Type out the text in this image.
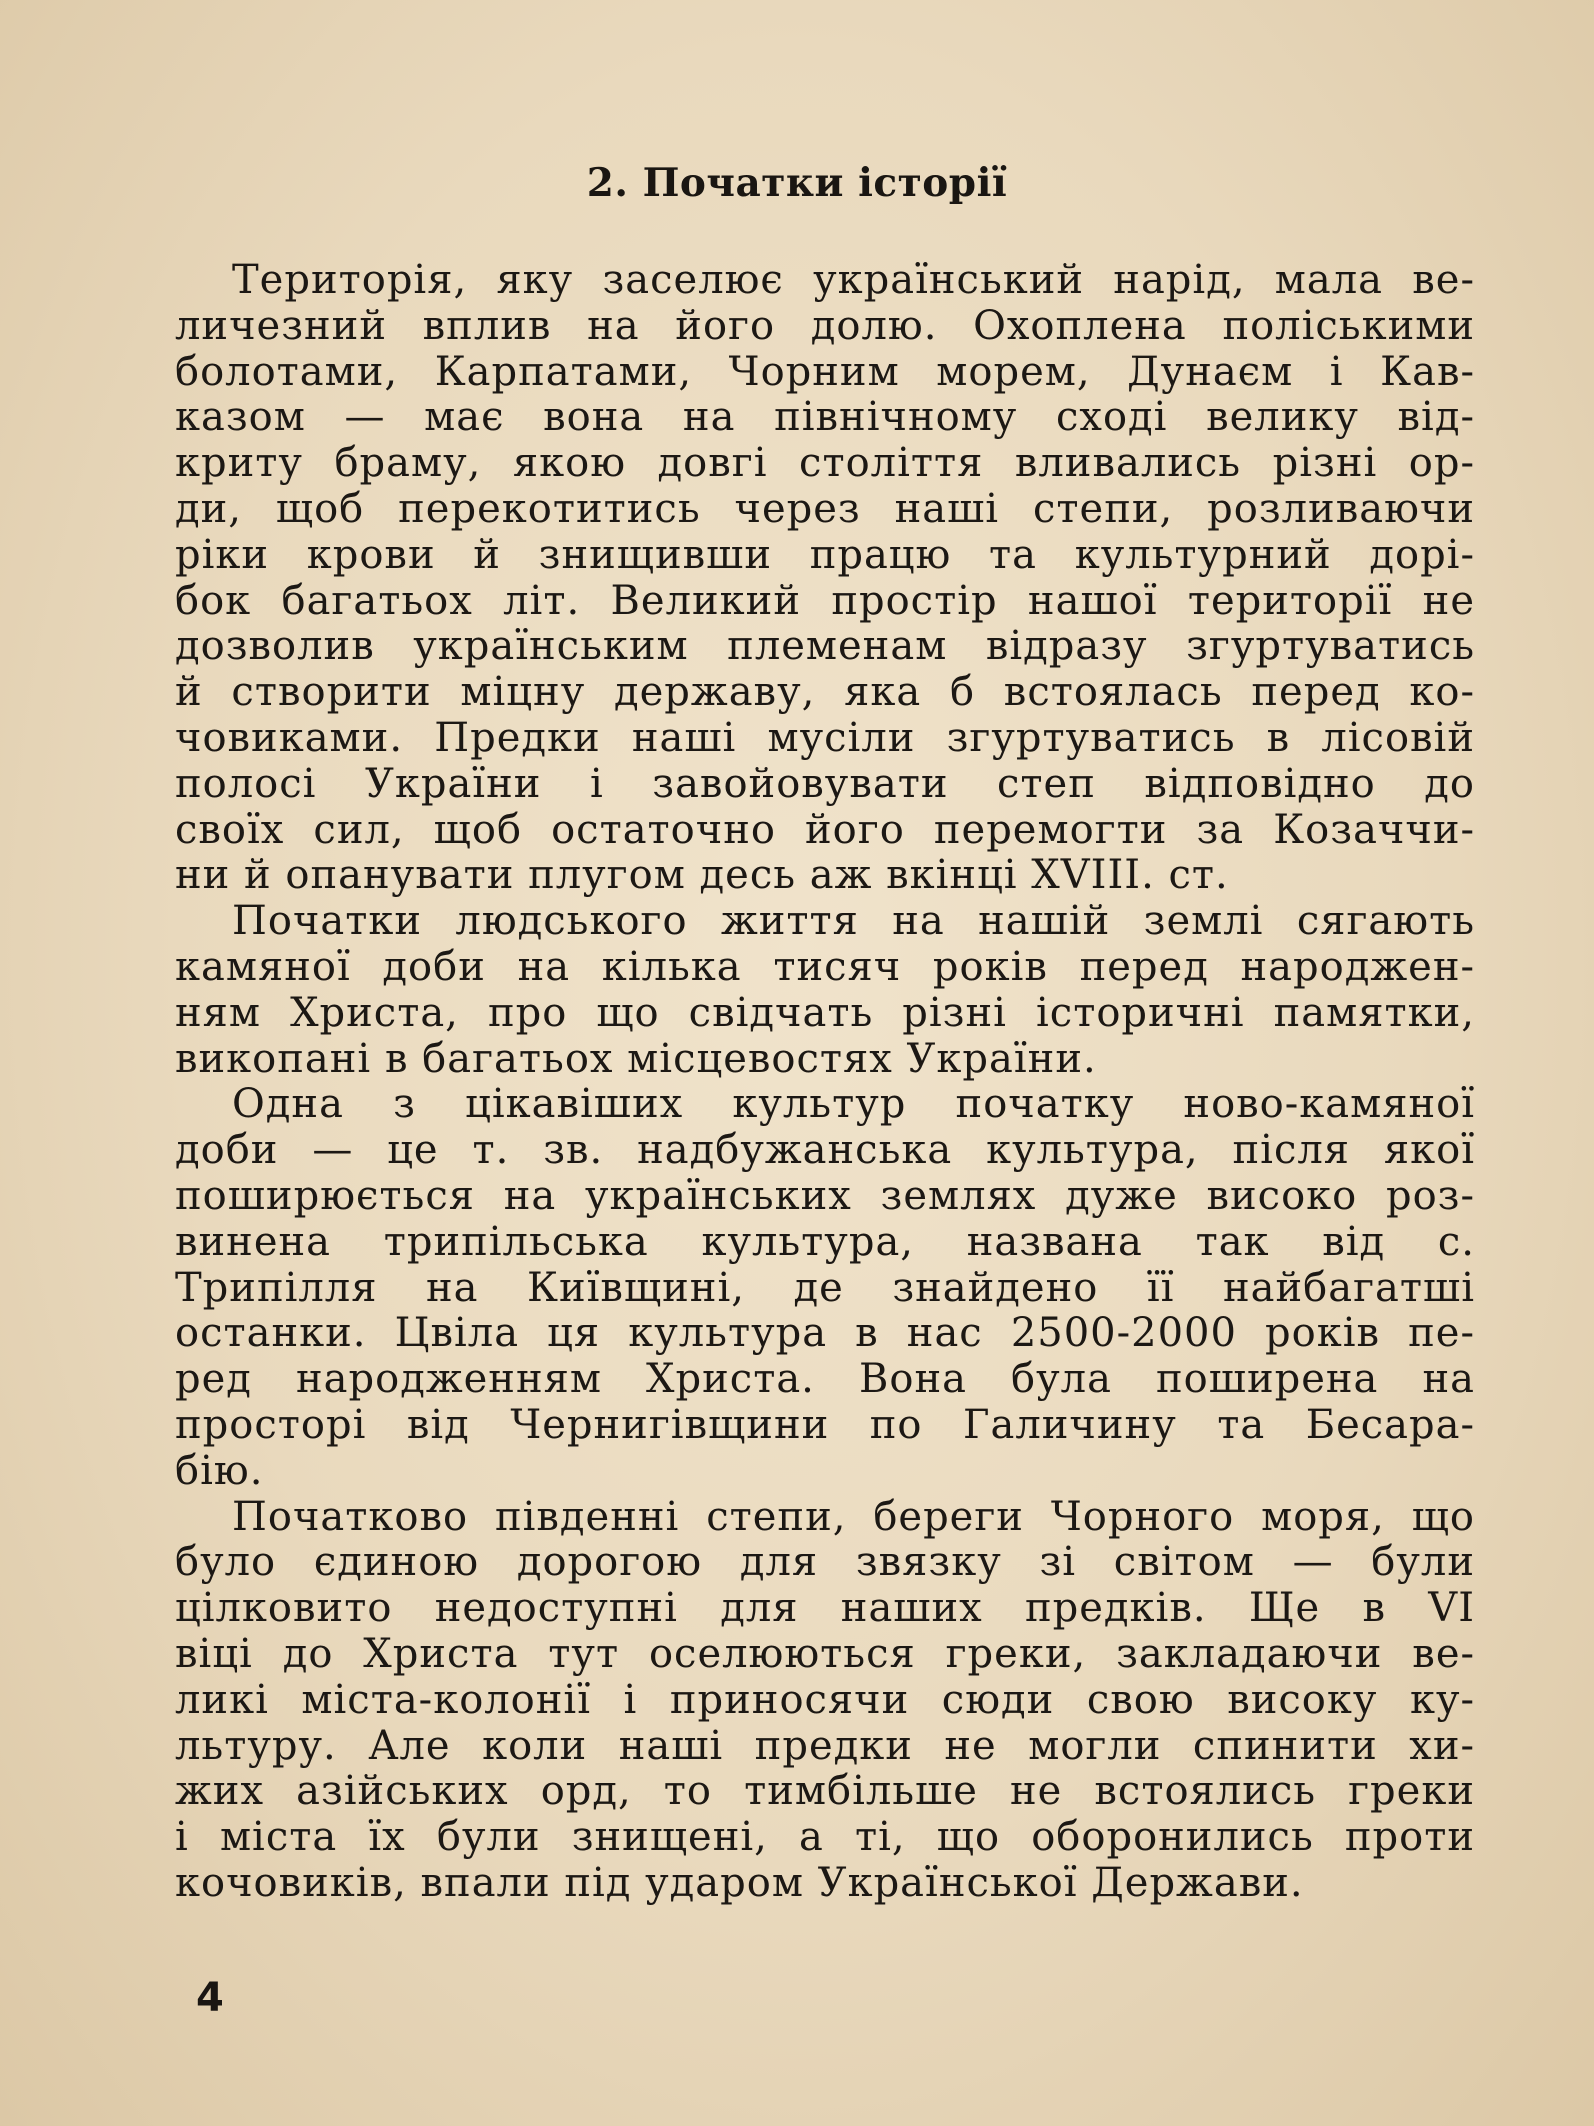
2. Початки історії
Територія, яку заселює український нарід, мала ве-
личезний вплив на його долю. Охоплена поліськими
болотами, Карпатами, Чорним морем, Дунаєм і Кав-
казом — має вона на північному сході велику від-
криту браму, якою довгі століття вливались різні ор-
ди, щоб перекотитись через наші степи, розливаючи
ріки крови й знищивши працю та культурний дорі-
бок багатьох літ. Великий простір нашої території не
дозволив українським племенам відразу згуртуватись
й створити міцну державу, яка б встоялась перед ко-
човиками. Предки наші мусіли згуртуватись в лісовій
полосі України і завойовувати степ відповідно до
своїх сил, щоб остаточно його перемогти за Козаччи-
ни й опанувати плугом десь аж вкінці XVIII. ст.
Початки людського життя на нашій землі сягають
камяної доби на кілька тисяч років перед народжен-
ням Христа, про що свідчать різні історичні памятки,
викопані в багатьох місцевостях України.
Одна з цікавіших культур початку ново-камяної
доби — це т. зв. надбужанська культура, після якої
поширюється на українських землях дуже високо роз-
винена трипільська культура, названа так від с.
Трипілля на Київщині, де знайдено її найбагатші
останки. Цвіла ця культура в нас 2500-2000 років пе-
ред народженням Христа. Вона була поширена на
просторі від Чернигівщини по Галичину та Бесара-
бію.
Початково південні степи, береги Чорного моря, що
було єдиною дорогою для звязку зі світом — були
цілковито недоступні для наших предків. Ще в VI
віці до Христа тут оселюються греки, закладаючи ве-
ликі міста-колонії і приносячи сюди свою високу ку-
льтуру. Але коли наші предки не могли спинити хи-
жих азійських орд, то тимбільше не встоялись греки
і міста їх були знищені, а ті, що оборонились проти
кочовиків, впали під ударом Української Держави.
4
